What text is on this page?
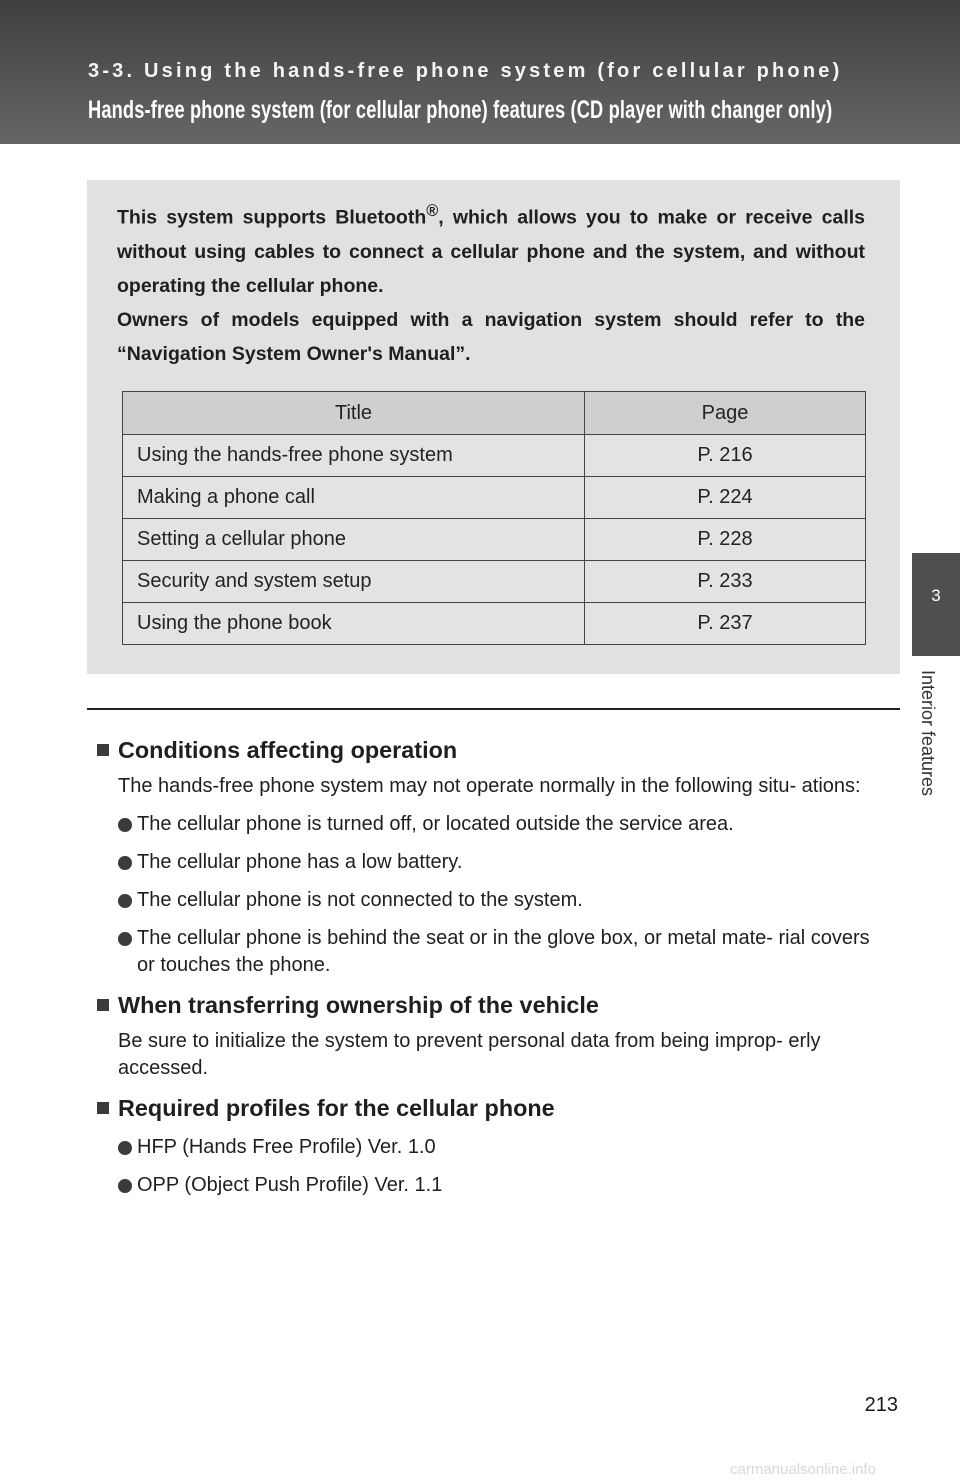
3-3. Using the hands-free phone system (for cellular phone)
Hands-free phone system (for cellular phone) features (CD player with changer only)
3
Interior features

This system supports Bluetooth®, which allows you to make or receive calls without using cables to connect a cellular phone and the system, and without operating the cellular phone.
Owners of models equipped with a navigation system should refer to the “Navigation System Owner's Manual”.

Title	Page
Using the hands-free phone system	P. 216
Making a phone call	P. 224
Setting a cellular phone	P. 228
Security and system setup	P. 233
Using the phone book	P. 237
Conditions affecting operation

The hands-free phone system may not operate normally in the following situ- ations:

The cellular phone is turned off, or located outside the service area.
The cellular phone has a low battery.
The cellular phone is not connected to the system.
The cellular phone is behind the seat or in the glove box, or metal mate- rial covers or touches the phone.
When transferring ownership of the vehicle

Be sure to initialize the system to prevent personal data from being improp- erly accessed.

Required profiles for the cellular phone
HFP (Hands Free Profile) Ver. 1.0
OPP (Object Push Profile) Ver. 1.1

213

carmanualsonline.info
